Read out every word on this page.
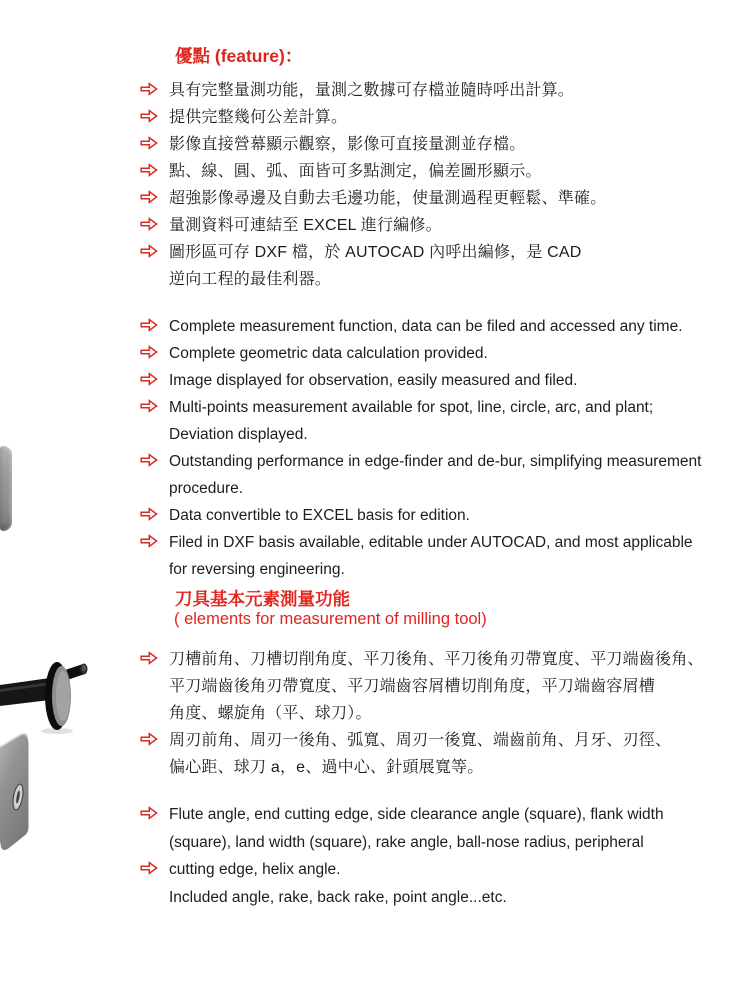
優點 (feature)：
具有完整量測功能，量測之數據可存檔並隨時呼出計算。
提供完整幾何公差計算。
影像直接營幕顯示觀察，影像可直接量測並存檔。
點、線、圓、弧、面皆可多點測定，偏差圖形顯示。
超強影像尋邊及自動去毛邊功能，使量測過程更輕鬆、準確。
量測資料可連結至 EXCEL 進行編修。
圖形區可存 DXF 檔，於 AUTOCAD 內呼出編修，是 CAD
逆向工程的最佳利器。
Complete measurement function, data can be filed and accessed any time.
Complete geometric data calculation provided.
Image displayed for observation, easily measured and filed.
Multi-points measurement available for spot, line, circle, arc, and plant;
Deviation displayed.
Outstanding performance in edge-finder and de-bur, simplifying measurement
procedure.
Data convertible to EXCEL basis for edition.
Filed in DXF basis available, editable under AUTOCAD, and most applicable
for reversing engineering.
刀具基本元素測量功能
( elements for measurement of milling tool)
刀槽前角、刀槽切削角度、平刀後角、平刀後角刃帶寬度、平刀端齒後角、
平刀端齒後角刃帶寬度、平刀端齒容屑槽切削角度，平刀端齒容屑槽
角度、螺旋角（平、球刀）。
周刃前角、周刃一後角、弧寬、周刃一後寬、端齒前角、月牙、刃徑、
偏心距、球刀 a，e、過中心、針頭展寬等。
Flute angle, end cutting edge, side clearance angle (square), flank width
(square), land width (square), rake angle, ball-nose radius, peripheral
cutting edge, helix angle.
Included angle, rake, back rake, point angle...etc.
